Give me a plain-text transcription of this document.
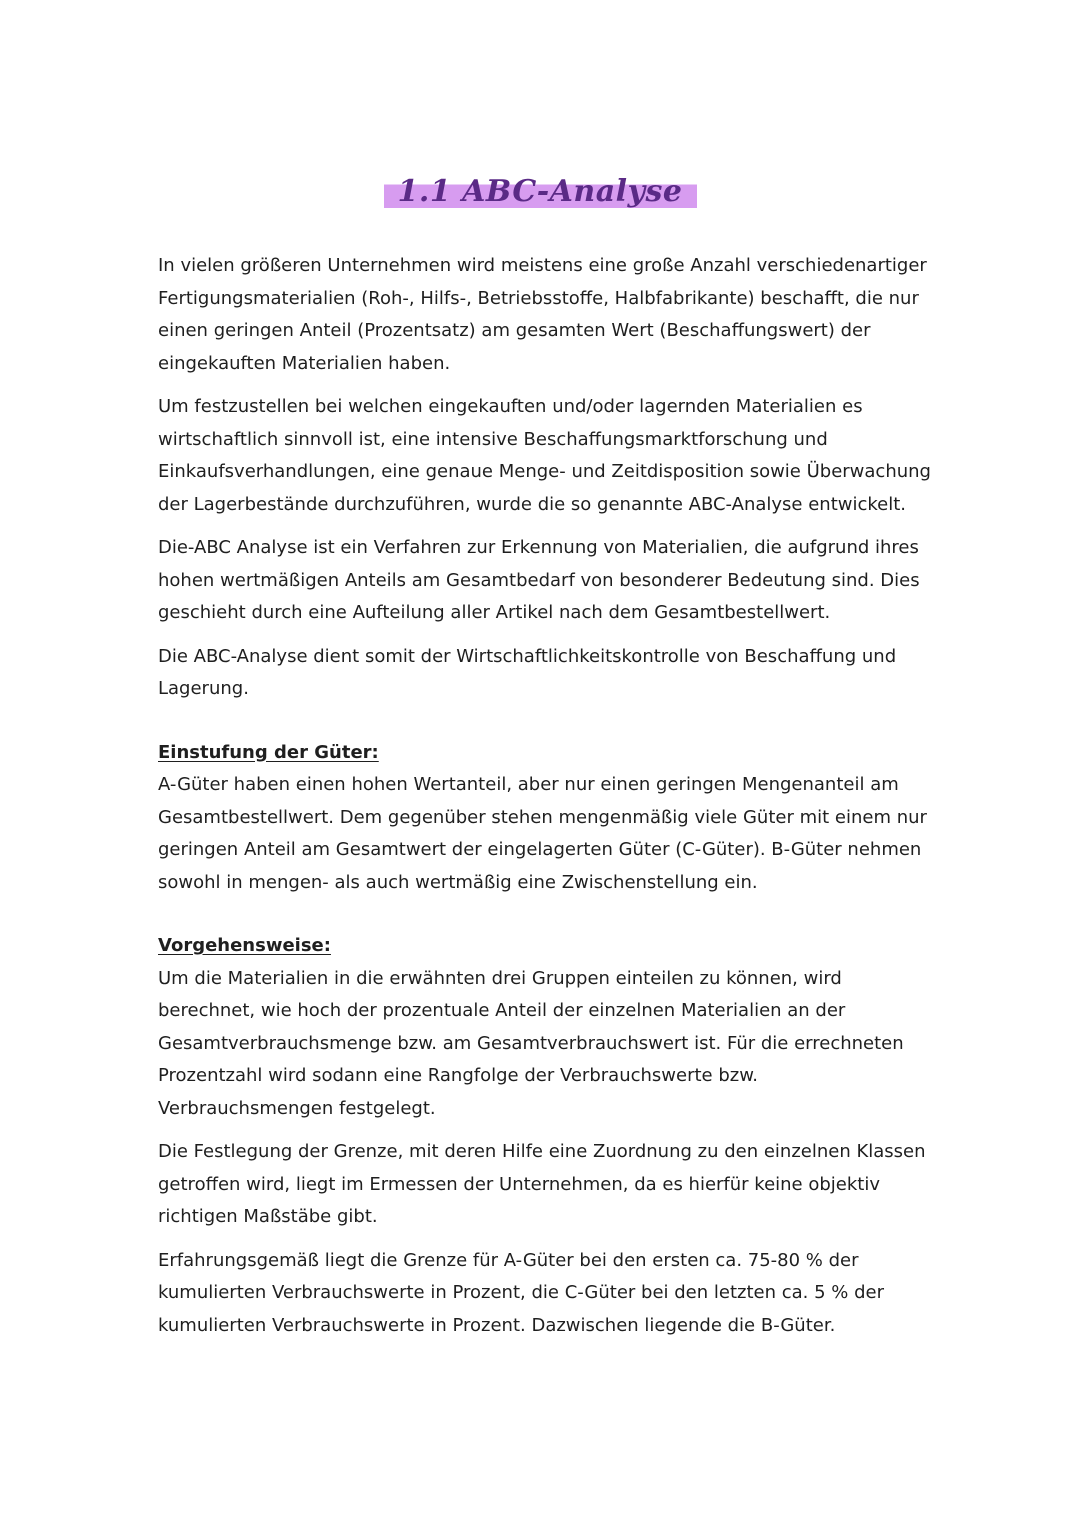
1.1 ABC-Analyse

In vielen größeren Unternehmen wird meistens eine große Anzahl verschiedenartiger Fertigungsmaterialien (Roh-, Hilfs-, Betriebsstoffe, Halbfabrikante) beschafft, die nur einen geringen Anteil (Prozentsatz) am gesamten Wert (Beschaffungswert) der eingekauften Materialien haben.

Um festzustellen bei welchen eingekauften und/oder lagernden Materialien es wirtschaftlich sinnvoll ist, eine intensive Beschaffungsmarktforschung und Einkaufsverhandlungen, eine genaue Menge- und Zeitdisposition sowie Überwachung der Lagerbestände durchzuführen, wurde die so genannte ABC-Analyse entwickelt.

Die-ABC Analyse ist ein Verfahren zur Erkennung von Materialien, die aufgrund ihres hohen wertmäßigen Anteils am Gesamtbedarf von besonderer Bedeutung sind. Dies geschieht durch eine Aufteilung aller Artikel nach dem Gesamtbestellwert.

Die ABC-Analyse dient somit der Wirtschaftlichkeitskontrolle von Beschaffung und Lagerung.

Einstufung der Güter:

A-Güter haben einen hohen Wertanteil, aber nur einen geringen Mengenanteil am Gesamtbestellwert. Dem gegenüber stehen mengenmäßig viele Güter mit einem nur geringen Anteil am Gesamtwert der eingelagerten Güter (C-Güter). B-Güter nehmen sowohl in mengen- als auch wertmäßig eine Zwischenstellung ein.

Vorgehensweise:

Um die Materialien in die erwähnten drei Gruppen einteilen zu können, wird berechnet, wie hoch der prozentuale Anteil der einzelnen Materialien an der Gesamtverbrauchsmenge bzw. am Gesamtverbrauchswert ist. Für die errechneten Prozentzahl wird sodann eine Rangfolge der Verbrauchswerte bzw. Verbrauchsmengen festgelegt.

Die Festlegung der Grenze, mit deren Hilfe eine Zuordnung zu den einzelnen Klassen getroffen wird, liegt im Ermessen der Unternehmen, da es hierfür keine objektiv richtigen Maßstäbe gibt.

Erfahrungsgemäß liegt die Grenze für A-Güter bei den ersten ca. 75-80 % der kumulierten Verbrauchswerte in Prozent, die C-Güter bei den letzten ca. 5 % der kumulierten Verbrauchswerte in Prozent. Dazwischen liegende die B-Güter.
